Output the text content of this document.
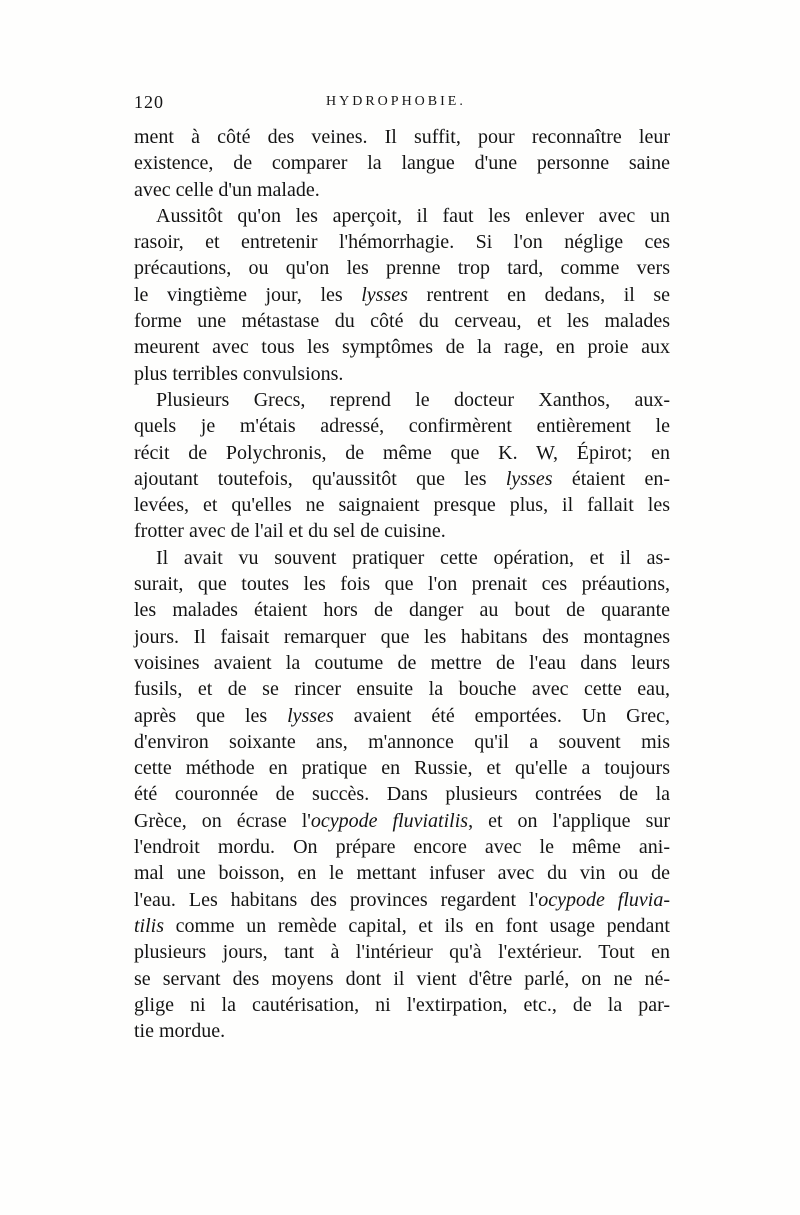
120	HYDROPHOBIE.
ment à côté des veines. Il suffit, pour reconnaître leur
existence, de comparer la langue d'une personne saine
avec celle d'un malade.
Aussitôt qu'on les aperçoit, il faut les enlever avec un
rasoir, et entretenir l'hémorrhagie. Si l'on néglige ces
précautions, ou qu'on les prenne trop tard, comme vers
le vingtième jour, les lysses rentrent en dedans, il se
forme une métastase du côté du cerveau, et les malades
meurent avec tous les symptômes de la rage, en proie aux
plus terribles convulsions.
Plusieurs Grecs, reprend le docteur Xanthos, aux-
quels je m'étais adressé, confirmèrent entièrement le
récit de Polychronis, de même que K. W, Épirot; en
ajoutant toutefois, qu'aussitôt que les lysses étaient en-
levées, et qu'elles ne saignaient presque plus, il fallait les
frotter avec de l'ail et du sel de cuisine.
Il avait vu souvent pratiquer cette opération, et il as-
surait, que toutes les fois que l'on prenait ces préautions,
les malades étaient hors de danger au bout de quarante
jours. Il faisait remarquer que les habitans des montagnes
voisines avaient la coutume de mettre de l'eau dans leurs
fusils, et de se rincer ensuite la bouche avec cette eau,
après que les lysses avaient été emportées. Un Grec,
d'environ soixante ans, m'annonce qu'il a souvent mis
cette méthode en pratique en Russie, et qu'elle a toujours
été couronnée de succès. Dans plusieurs contrées de la
Grèce, on écrase l'ocypode fluviatilis, et on l'applique sur
l'endroit mordu. On prépare encore avec le même ani-
mal une boisson, en le mettant infuser avec du vin ou de
l'eau. Les habitans des provinces regardent l'ocypode fluvia-
tilis comme un remède capital, et ils en font usage pendant
plusieurs jours, tant à l'intérieur qu'à l'extérieur. Tout en
se servant des moyens dont il vient d'être parlé, on ne né-
glige ni la cautérisation, ni l'extirpation, etc., de la par-
tie mordue.
